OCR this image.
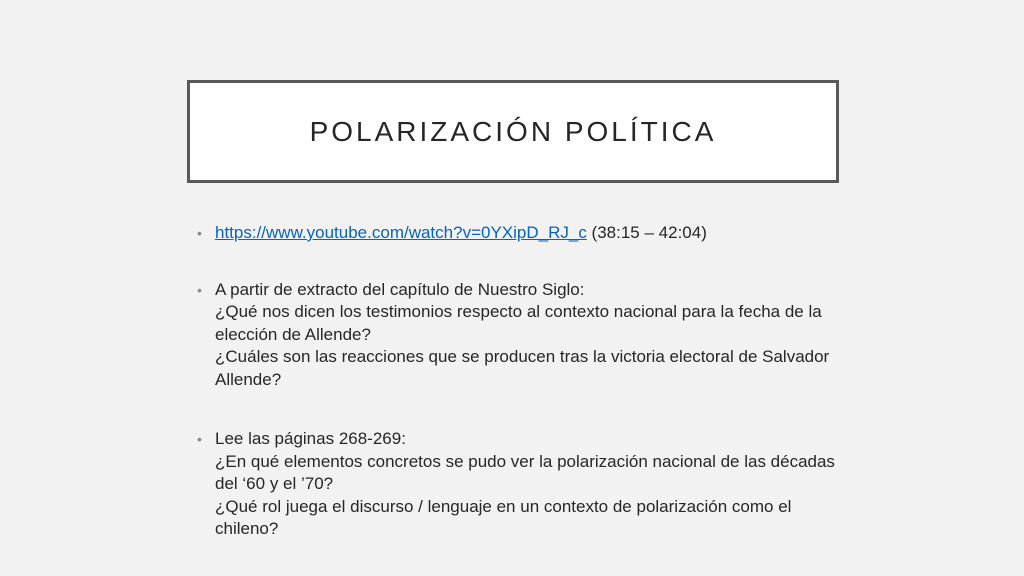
POLARIZACIÓN POLÍTICA
• https://www.youtube.com/watch?v=0YXipD_RJ_c (38:15 – 42:04)

• A partir de extracto del capítulo de Nuestro Siglo:

¿Qué nos dicen los testimonios respecto al contexto nacional para la fecha de la elección de Allende?

¿Cuáles son las reacciones que se producen tras la victoria electoral de Salvador Allende?

• Lee las páginas 268-269:

¿En qué elementos concretos se pudo ver la polarización nacional de las décadas del ‘60 y el ’70?

¿Qué rol juega el discurso / lenguaje en un contexto de polarización como el chileno?
